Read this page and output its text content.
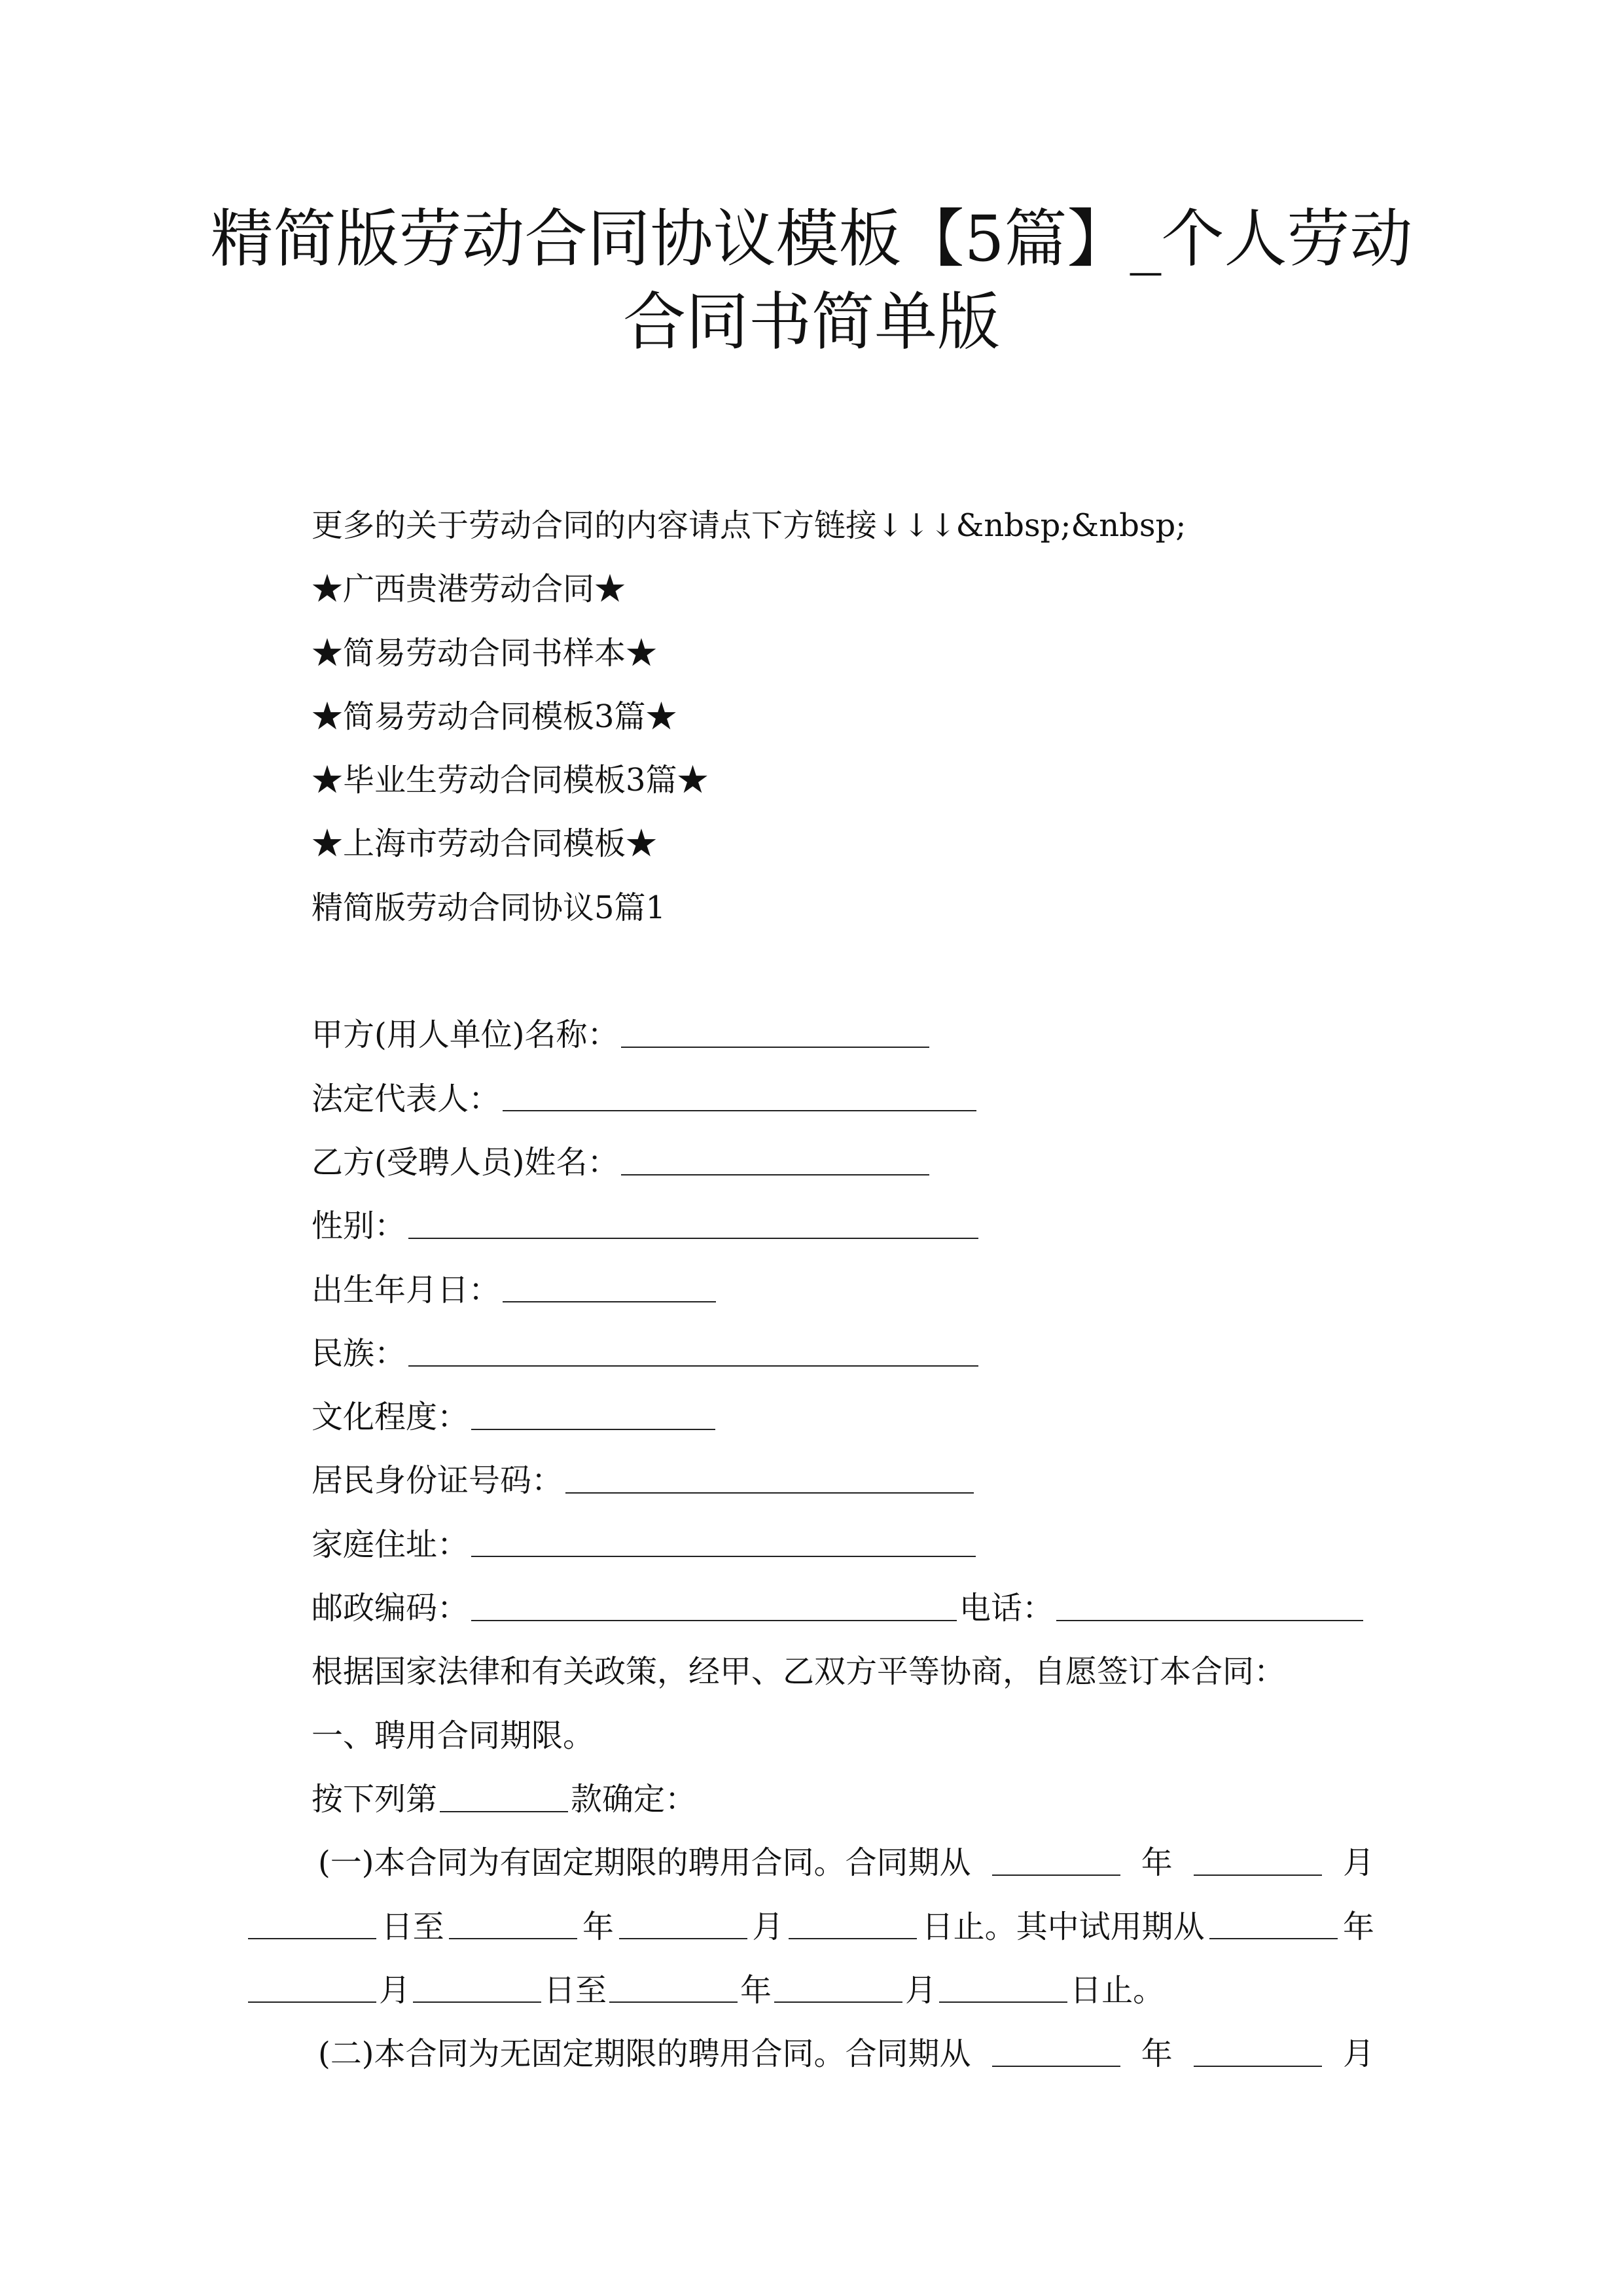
精简版劳动合同协议模板【5篇】_个人劳动
合同书简单版
更多的关于劳动合同的内容请点下方链接↓↓↓&nbsp;&nbsp;
★广西贵港劳动合同★
★简易劳动合同书样本★
★简易劳动合同模板3篇★
★毕业生劳动合同模板3篇★
★上海市劳动合同模板★
精简版劳动合同协议5篇1
甲方(用人单位)名称：
法定代表人：
乙方(受聘人员)姓名：
性别：
出生年月日：
民族：
文化程度：
居民身份证号码：
家庭住址：
邮政编码：	电话：
根据国家法律和有关政策，经甲、乙双方平等协商，自愿签订本合同：
一、聘用合同期限。
按下列第	款确定：
(一)本合同为有固定期限的聘用合同。合同期从	年	月
日至	年	月	日止。其中试用期从	年
月	日至	年	月	日止。
(二)本合同为无固定期限的聘用合同。合同期从	年	月
